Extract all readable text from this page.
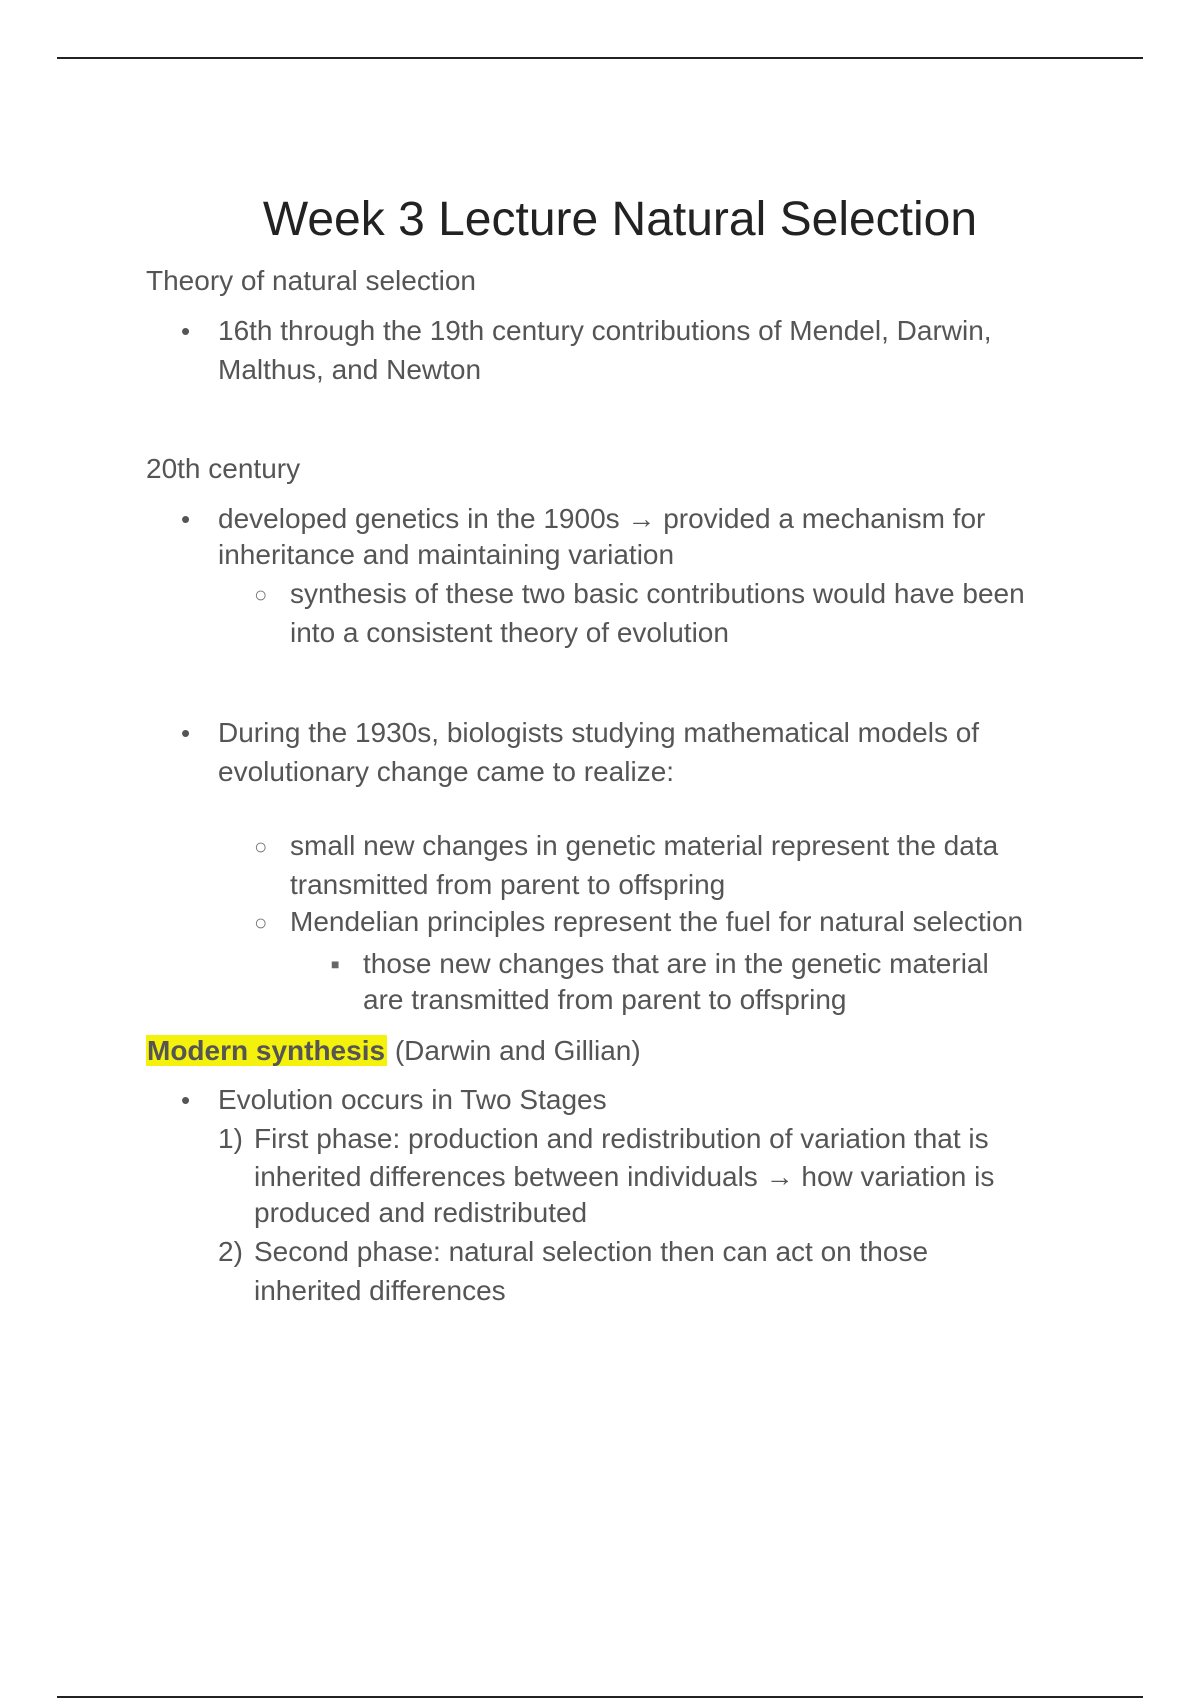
Week 3 Lecture Natural Selection
Theory of natural selection
• 16th through the 19th century contributions of Mendel, Darwin,
Malthus, and Newton
20th century
• developed genetics in the 1900s → provided a mechanism for
inheritance and maintaining variation
○ synthesis of these two basic contributions would have been
into a consistent theory of evolution
• During the 1930s, biologists studying mathematical models of
evolutionary change came to realize:
○ small new changes in genetic material represent the data
transmitted from parent to offspring
○ Mendelian principles represent the fuel for natural selection
■ those new changes that are in the genetic material
are transmitted from parent to offspring
Modern synthesis (Darwin and Gillian)
• Evolution occurs in Two Stages
1) First phase: production and redistribution of variation that is
inherited differences between individuals → how variation is
produced and redistributed
2) Second phase: natural selection then can act on those
inherited differences
